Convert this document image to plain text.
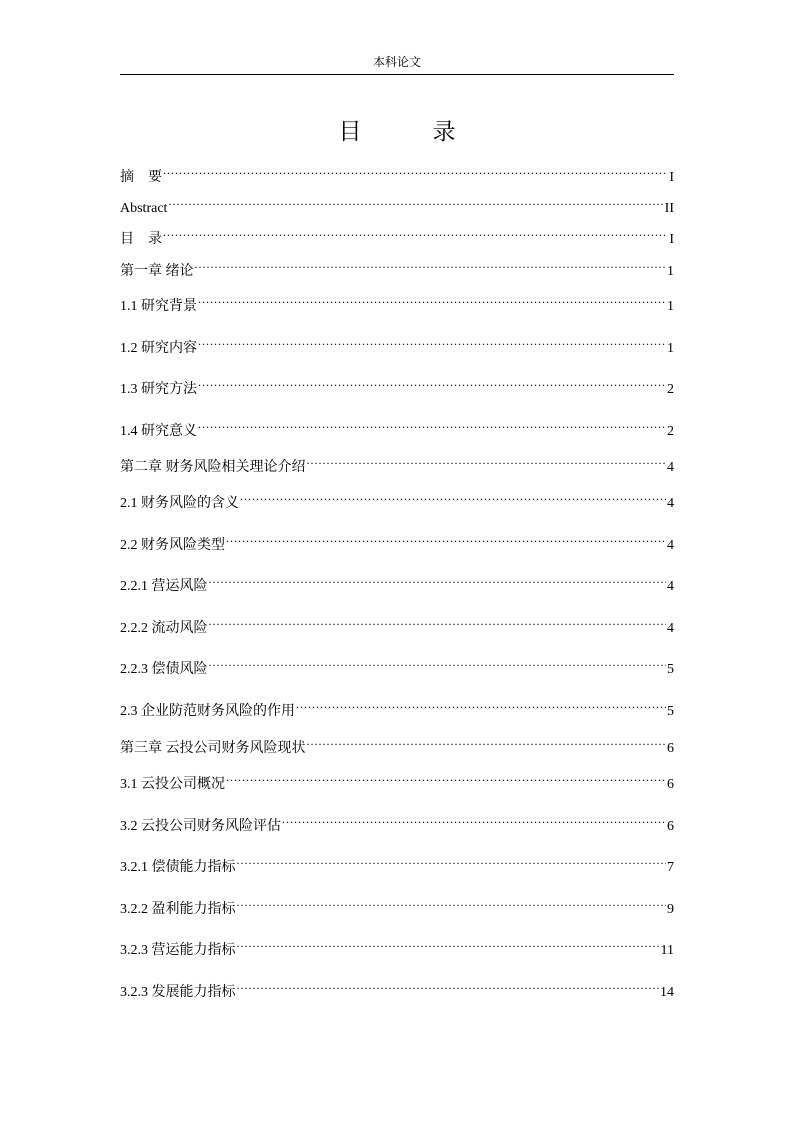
本科论文
目　录
摘　要 .....	I
Abstract .....	II
目　录 .....	I
第一章 绪论 .....	1
1.1 研究背景 .....	1
1.2 研究内容 .....	1
1.3 研究方法 .....	2
1.4 研究意义 .....	2
第二章 财务风险相关理论介绍 .....	4
2.1 财务风险的含义 .....	4
2.2 财务风险类型 .....	4
2.2.1 营运风险 .....	4
2.2.2 流动风险 .....	4
2.2.3 偿债风险 .....	5
2.3 企业防范财务风险的作用 .....	5
第三章 云投公司财务风险现状 .....	6
3.1 云投公司概况 .....	6
3.2 云投公司财务风险评估 .....	6
3.2.1 偿债能力指标 .....	7
3.2.2 盈利能力指标 .....	9
3.2.3 营运能力指标 .....	11
3.2.3 发展能力指标 .....	14
